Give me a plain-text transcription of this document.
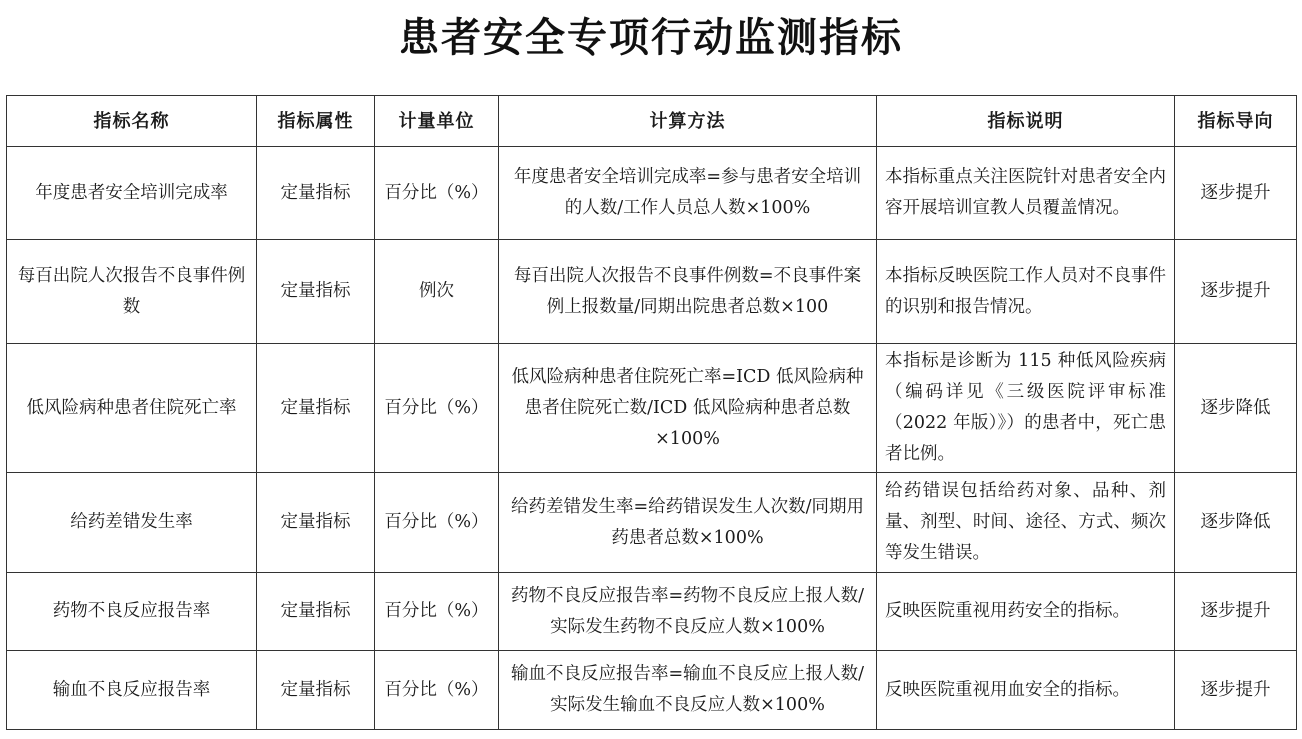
患者安全专项行动监测指标
指标名称	指标属性	计量单位	计算方法	指标说明	指标导向
年度患者安全培训完成率	定量指标	百分比（%）	年度患者安全培训完成率=参与患者安全培训的人数/工作人员总人数×100%	本指标重点关注医院针对患者安全内容开展培训宣教人员覆盖情况。	逐步提升
每百出院人次报告不良事件例数	定量指标	例次	每百出院人次报告不良事件例数=不良事件案例上报数量/同期出院患者总数×100	本指标反映医院工作人员对不良事件的识别和报告情况。	逐步提升
低风险病种患者住院死亡率	定量指标	百分比（%）	低风险病种患者住院死亡率=ICD 低风险病种患者住院死亡数/ICD 低风险病种患者总数×100%	本指标是诊断为 115 种低风险疾病（编码详见《三级医院评审标准（2022 年版）》）的患者中，死亡患者比例。	逐步降低
给药差错发生率	定量指标	百分比（%）	给药差错发生率=给药错误发生人次数/同期用药患者总数×100%	给药错误包括给药对象、品种、剂量、剂型、时间、途径、方式、频次等发生错误。	逐步降低
药物不良反应报告率	定量指标	百分比（%）	药物不良反应报告率=药物不良反应上报人数/实际发生药物不良反应人数×100%	反映医院重视用药安全的指标。	逐步提升
输血不良反应报告率	定量指标	百分比（%）	输血不良反应报告率=输血不良反应上报人数/实际发生输血不良反应人数×100%	反映医院重视用血安全的指标。	逐步提升
